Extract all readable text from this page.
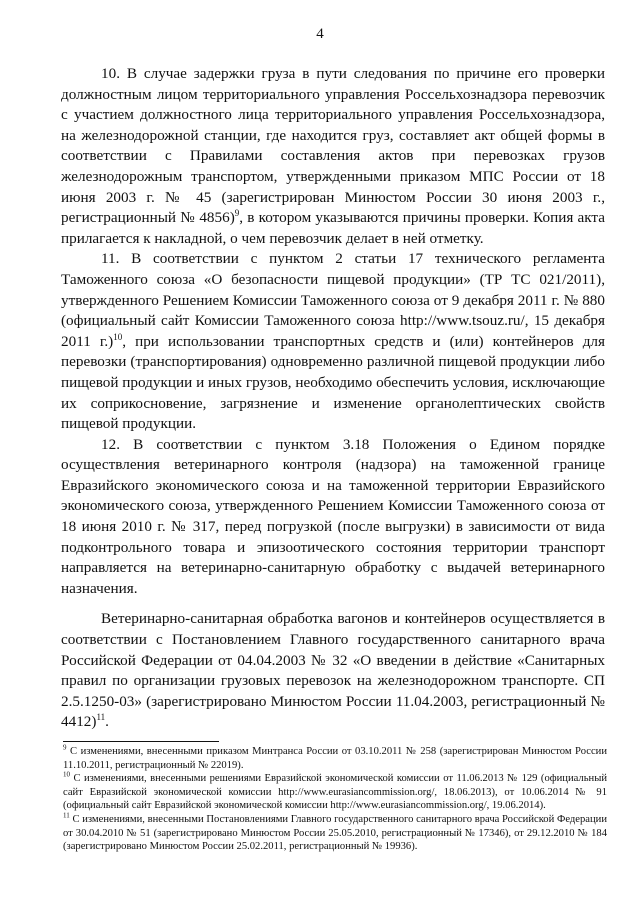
4

10. В случае задержки груза в пути следования по причине его проверки должностным лицом территориального управления Россельхознадзора перевозчик с участием должностного лица территориального управления Россельхознадзора, на железнодорожной станции, где находится груз, составляет акт общей формы в соответствии с Правилами составления актов при перевозках грузов железнодорожным транспортом, утвержденными приказом МПС России от 18 июня 2003 г. № 45 (зарегистрирован Минюстом России 30 июня 2003 г., регистрационный № 4856)$^9$, в котором указываются причины проверки. Копия акта прилагается к накладной, о чем перевозчик делает в ней отметку.

11. В соответствии с пунктом 2 статьи 17 технического регламента Таможенного союза «О безопасности пищевой продукции» (ТР ТС 021/2011), утвержденного Решением Комиссии Таможенного союза от 9 декабря 2011 г. № 880 (официальный сайт Комиссии Таможенного союза http://www.tsouz.ru/, 15 декабря 2011 г.)$^{10}$, при использовании транспортных средств и (или) контейнеров для перевозки (транспортирования) одновременно различной пищевой продукции либо пищевой продукции и иных грузов, необходимо обеспечить условия, исключающие их соприкосновение, загрязнение и изменение органолептических свойств пищевой продукции.

12. В соответствии с пунктом 3.18 Положения о Едином порядке осуществления ветеринарного контроля (надзора) на таможенной границе Евразийского экономического союза и на таможенной территории Евразийского экономического союза, утвержденного Решением Комиссии Таможенного союза от 18 июня 2010 г. № 317, перед погрузкой (после выгрузки) в зависимости от вида подконтрольного товара и эпизоотического состояния территории транспорт направляется на ветеринарно-санитарную обработку с выдачей ветеринарного назначения.

Ветеринарно-санитарная обработка вагонов и контейнеров осуществляется в соответствии с Постановлением Главного государственного санитарного врача Российской Федерации от 04.04.2003 № 32 «О введении в действие «Санитарных правил по организации грузовых перевозок на железнодорожном транспорте. СП 2.5.1250-03» (зарегистрировано Минюстом России 11.04.2003, регистрационный № 4412)$^{11}$.

$^9$ С изменениями, внесенными приказом Минтранса России от 03.10.2011 № 258 (зарегистрирован Минюстом России 11.10.2011, регистрационный № 22019).

$^{10}$ С изменениями, внесенными решениями Евразийской экономической комиссии от 11.06.2013 № 129 (официальный сайт Евразийской экономической комиссии http://www.eurasiancommission.org/, 18.06.2013), от 10.06.2014 № 91 (официальный сайт Евразийской экономической комиссии http://www.eurasiancommission.org/, 19.06.2014).

$^{11}$ С изменениями, внесенными Постановлениями Главного государственного санитарного врача Российской Федерации от 30.04.2010 № 51 (зарегистрировано Минюстом России 25.05.2010, регистрационный № 17346), от 29.12.2010 № 184 (зарегистрировано Минюстом России 25.02.2011, регистрационный № 19936).
